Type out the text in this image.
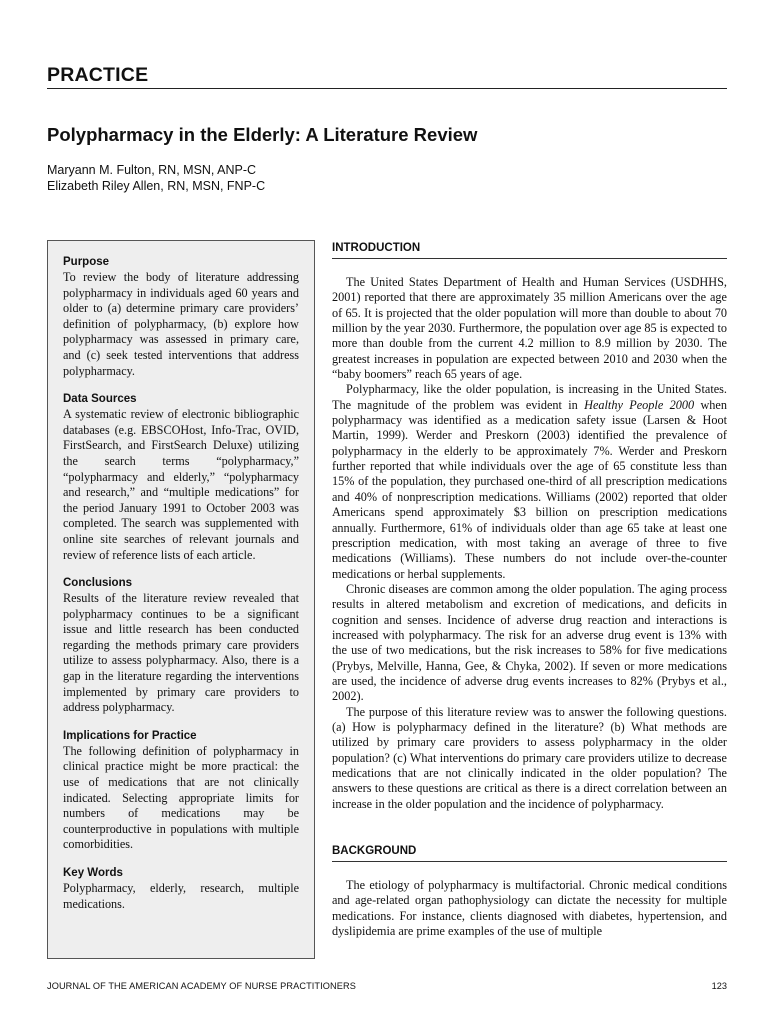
PRACTICE
Polypharmacy in the Elderly: A Literature Review
Maryann M. Fulton, RN, MSN, ANP-C
Elizabeth Riley Allen, RN, MSN, FNP-C

Purpose

To review the body of literature addressing polypharmacy in individuals aged 60 years and older to (a) determine primary care providers’ definition of polypharmacy, (b) explore how polypharmacy was assessed in primary care, and (c) seek tested interventions that address polypharmacy.

Data Sources

A systematic review of electronic bibliographic databases (e.g. EBSCOHost, Info-Trac, OVID, FirstSearch, and FirstSearch Deluxe) utilizing the search terms “polypharmacy,” “polypharmacy and elderly,” “polypharmacy and research,” and “multiple medications” for the period January 1991 to October 2003 was completed. The search was supplemented with online site searches of relevant journals and review of reference lists of each article.

Conclusions

Results of the literature review revealed that polypharmacy continues to be a significant issue and little research has been conducted regarding the methods primary care providers utilize to assess polypharmacy. Also, there is a gap in the literature regarding the interventions implemented by primary care providers to address polypharmacy.

Implications for Practice

The following definition of polypharmacy in clinical practice might be more practical: the use of medications that are not clinically indicated. Selecting appropriate limits for numbers of medications may be counterproductive in populations with multiple comorbidities.

Key Words

Polypharmacy, elderly, research, multiple medications.

INTRODUCTION

The United States Department of Health and Human Services (USDHHS, 2001) reported that there are approximately 35 million Americans over the age of 65. It is projected that the older population will more than double to about 70 million by the year 2030. Furthermore, the population over age 85 is expected to more than double from the current 4.2 million to 8.9 million by 2030. The greatest increases in population are expected between 2010 and 2030 when the “baby boomers” reach 65 years of age.

Polypharmacy, like the older population, is increasing in the United States. The magnitude of the problem was evident in Healthy People 2000 when polypharmacy was identified as a medication safety issue (Larsen & Hoot Martin, 1999). Werder and Preskorn (2003) identified the prevalence of polypharmacy in the elderly to be approximately 7%. Werder and Preskorn further reported that while individuals over the age of 65 constitute less than 15% of the population, they purchased one-third of all prescription medications and 40% of nonprescription medications. Williams (2002) reported that older Americans spend approximately $3 billion on prescription medications annually. Furthermore, 61% of individuals older than age 65 take at least one prescription medication, with most taking an average of three to five medications (Williams). These numbers do not include over-the-counter medications or herbal supplements.

Chronic diseases are common among the older population. The aging process results in altered metabolism and excretion of medications, and deficits in cognition and senses. Incidence of adverse drug reaction and interactions is increased with polypharmacy. The risk for an adverse drug event is 13% with the use of two medications, but the risk increases to 58% for five medications (Prybys, Melville, Hanna, Gee, & Chyka, 2002). If seven or more medications are used, the incidence of adverse drug events increases to 82% (Prybys et al., 2002).

The purpose of this literature review was to answer the following questions. (a) How is polypharmacy defined in the literature? (b) What methods are utilized by primary care providers to assess polypharmacy in the older population? (c) What interventions do primary care providers utilize to decrease medications that are not clinically indicated in the older population? The answers to these questions are critical as there is a direct correlation between an increase in the older population and the incidence of polypharmacy.

BACKGROUND

The etiology of polypharmacy is multifactorial. Chronic medical conditions and age-related organ pathophysiology can dictate the necessity for multiple medications. For instance, clients diagnosed with diabetes, hypertension, and dyslipidemia are prime examples of the use of multiple

JOURNAL OF THE AMERICAN ACADEMY OF NURSE PRACTITIONERS	123
